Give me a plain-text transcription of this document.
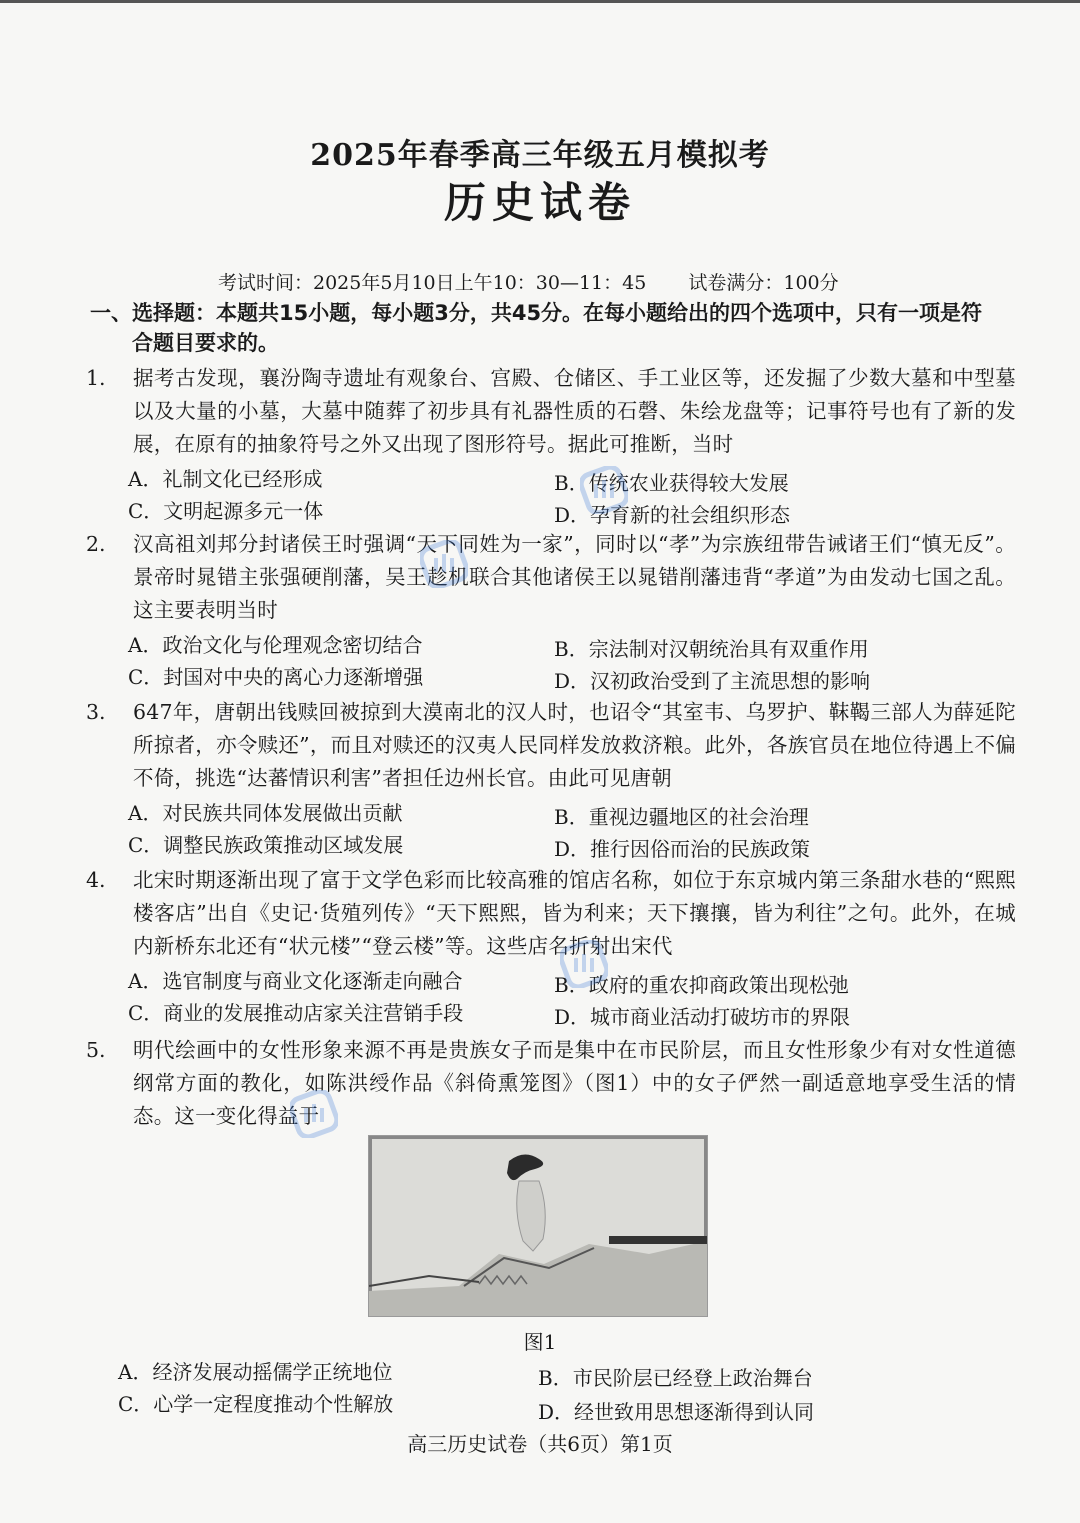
2025年春季高三年级五月模拟考
历史试卷
考试时间：2025年5月10日上午10：30—11：45 试卷满分：100分
一、选择题：本题共15小题，每小题3分，共45分。在每小题给出的四个选项中，只有一项是符
合题目要求的。
1.	据考古发现，襄汾陶寺遗址有观象台、宫殿、仓储区、手工业区等，还发掘了少数大墓和中型墓以及大量的小墓，大墓中随葬了初步具有礼器性质的石磬、朱绘龙盘等；记事符号也有了新的发展，在原有的抽象符号之外又出现了图形符号。据此可推断，当时
A．礼制文化已经形成	B．传统农业获得较大发展
C．文明起源多元一体	D．孕育新的社会组织形态
2.	汉高祖刘邦分封诸侯王时强调“天下同姓为一家”，同时以“孝”为宗族纽带告诫诸王们“慎无反”。景帝时晁错主张强硬削藩，吴王趁机联合其他诸侯王以晁错削藩违背“孝道”为由发动七国之乱。这主要表明当时
A．政治文化与伦理观念密切结合	B．宗法制对汉朝统治具有双重作用
C．封国对中央的离心力逐渐增强	D．汉初政治受到了主流思想的影响
3.	647年，唐朝出钱赎回被掠到大漠南北的汉人时，也诏令“其室韦、乌罗护、靺鞨三部人为薛延陀所掠者，亦令赎还”，而且对赎还的汉夷人民同样发放救济粮。此外，各族官员在地位待遇上不偏不倚，挑选“达蕃情识利害”者担任边州长官。由此可见唐朝
A．对民族共同体发展做出贡献	B．重视边疆地区的社会治理
C．调整民族政策推动区域发展	D．推行因俗而治的民族政策
4.	北宋时期逐渐出现了富于文学色彩而比较高雅的馆店名称，如位于东京城内第三条甜水巷的“熙熙楼客店”出自《史记·货殖列传》“天下熙熙，皆为利来；天下攘攘，皆为利往”之句。此外，在城内新桥东北还有“状元楼”“登云楼”等。这些店名折射出宋代
A．选官制度与商业文化逐渐走向融合	B．政府的重农抑商政策出现松弛
C．商业的发展推动店家关注营销手段	D．城市商业活动打破坊市的界限
5.	明代绘画中的女性形象来源不再是贵族女子而是集中在市民阶层，而且女性形象少有对女性道德纲常方面的教化，如陈洪绶作品《斜倚熏笼图》（图1）中的女子俨然一副适意地享受生活的情态。这一变化得益于
图1
A．经济发展动摇儒学正统地位	B．市民阶层已经登上政治舞台
C．心学一定程度推动个性解放	D．经世致用思想逐渐得到认同
高三历史试卷（共6页）第1页
